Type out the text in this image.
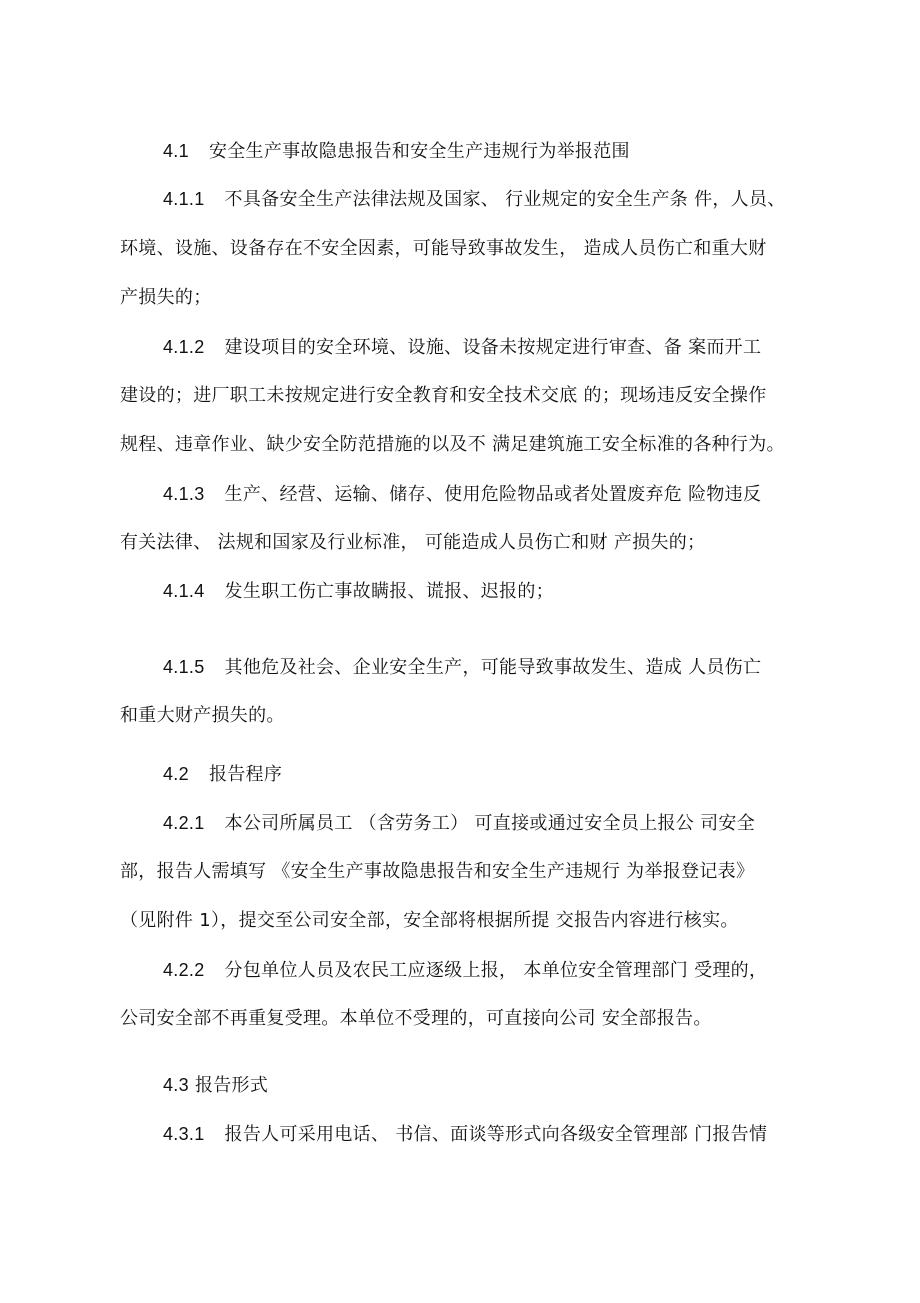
4.1 安全生产事故隐患报告和安全生产违规行为举报范围
4.1.1 不具备安全生产法律法规及国家、 行业规定的安全生产条 件，人员、
环境、设施、设备存在不安全因素，可能导致事故发生， 造成人员伤亡和重大财
产损失的；
4.1.2 建设项目的安全环境、设施、设备未按规定进行审查、备 案而开工
建设的；进厂职工未按规定进行安全教育和安全技术交底 的；现场违反安全操作
规程、违章作业、缺少安全防范措施的以及不 满足建筑施工安全标准的各种行为。
4.1.3 生产、经营、运输、储存、使用危险物品或者处置废弃危 险物违反
有关法律、 法规和国家及行业标准， 可能造成人员伤亡和财 产损失的；
4.1.4 发生职工伤亡事故瞒报、谎报、迟报的；
4.1.5 其他危及社会、企业安全生产，可能导致事故发生、造成 人员伤亡
和重大财产损失的。
4.2 报告程序
4.2.1 本公司所属员工 （含劳务工） 可直接或通过安全员上报公 司安全
部，报告人需填写 《安全生产事故隐患报告和安全生产违规行 为举报登记表》
（见附件 1），提交至公司安全部，安全部将根据所提 交报告内容进行核实。
4.2.2 分包单位人员及农民工应逐级上报， 本单位安全管理部门 受理的，
公司安全部不再重复受理。本单位不受理的，可直接向公司 安全部报告。
4.3 报告形式
4.3.1 报告人可采用电话、 书信、面谈等形式向各级安全管理部 门报告情
